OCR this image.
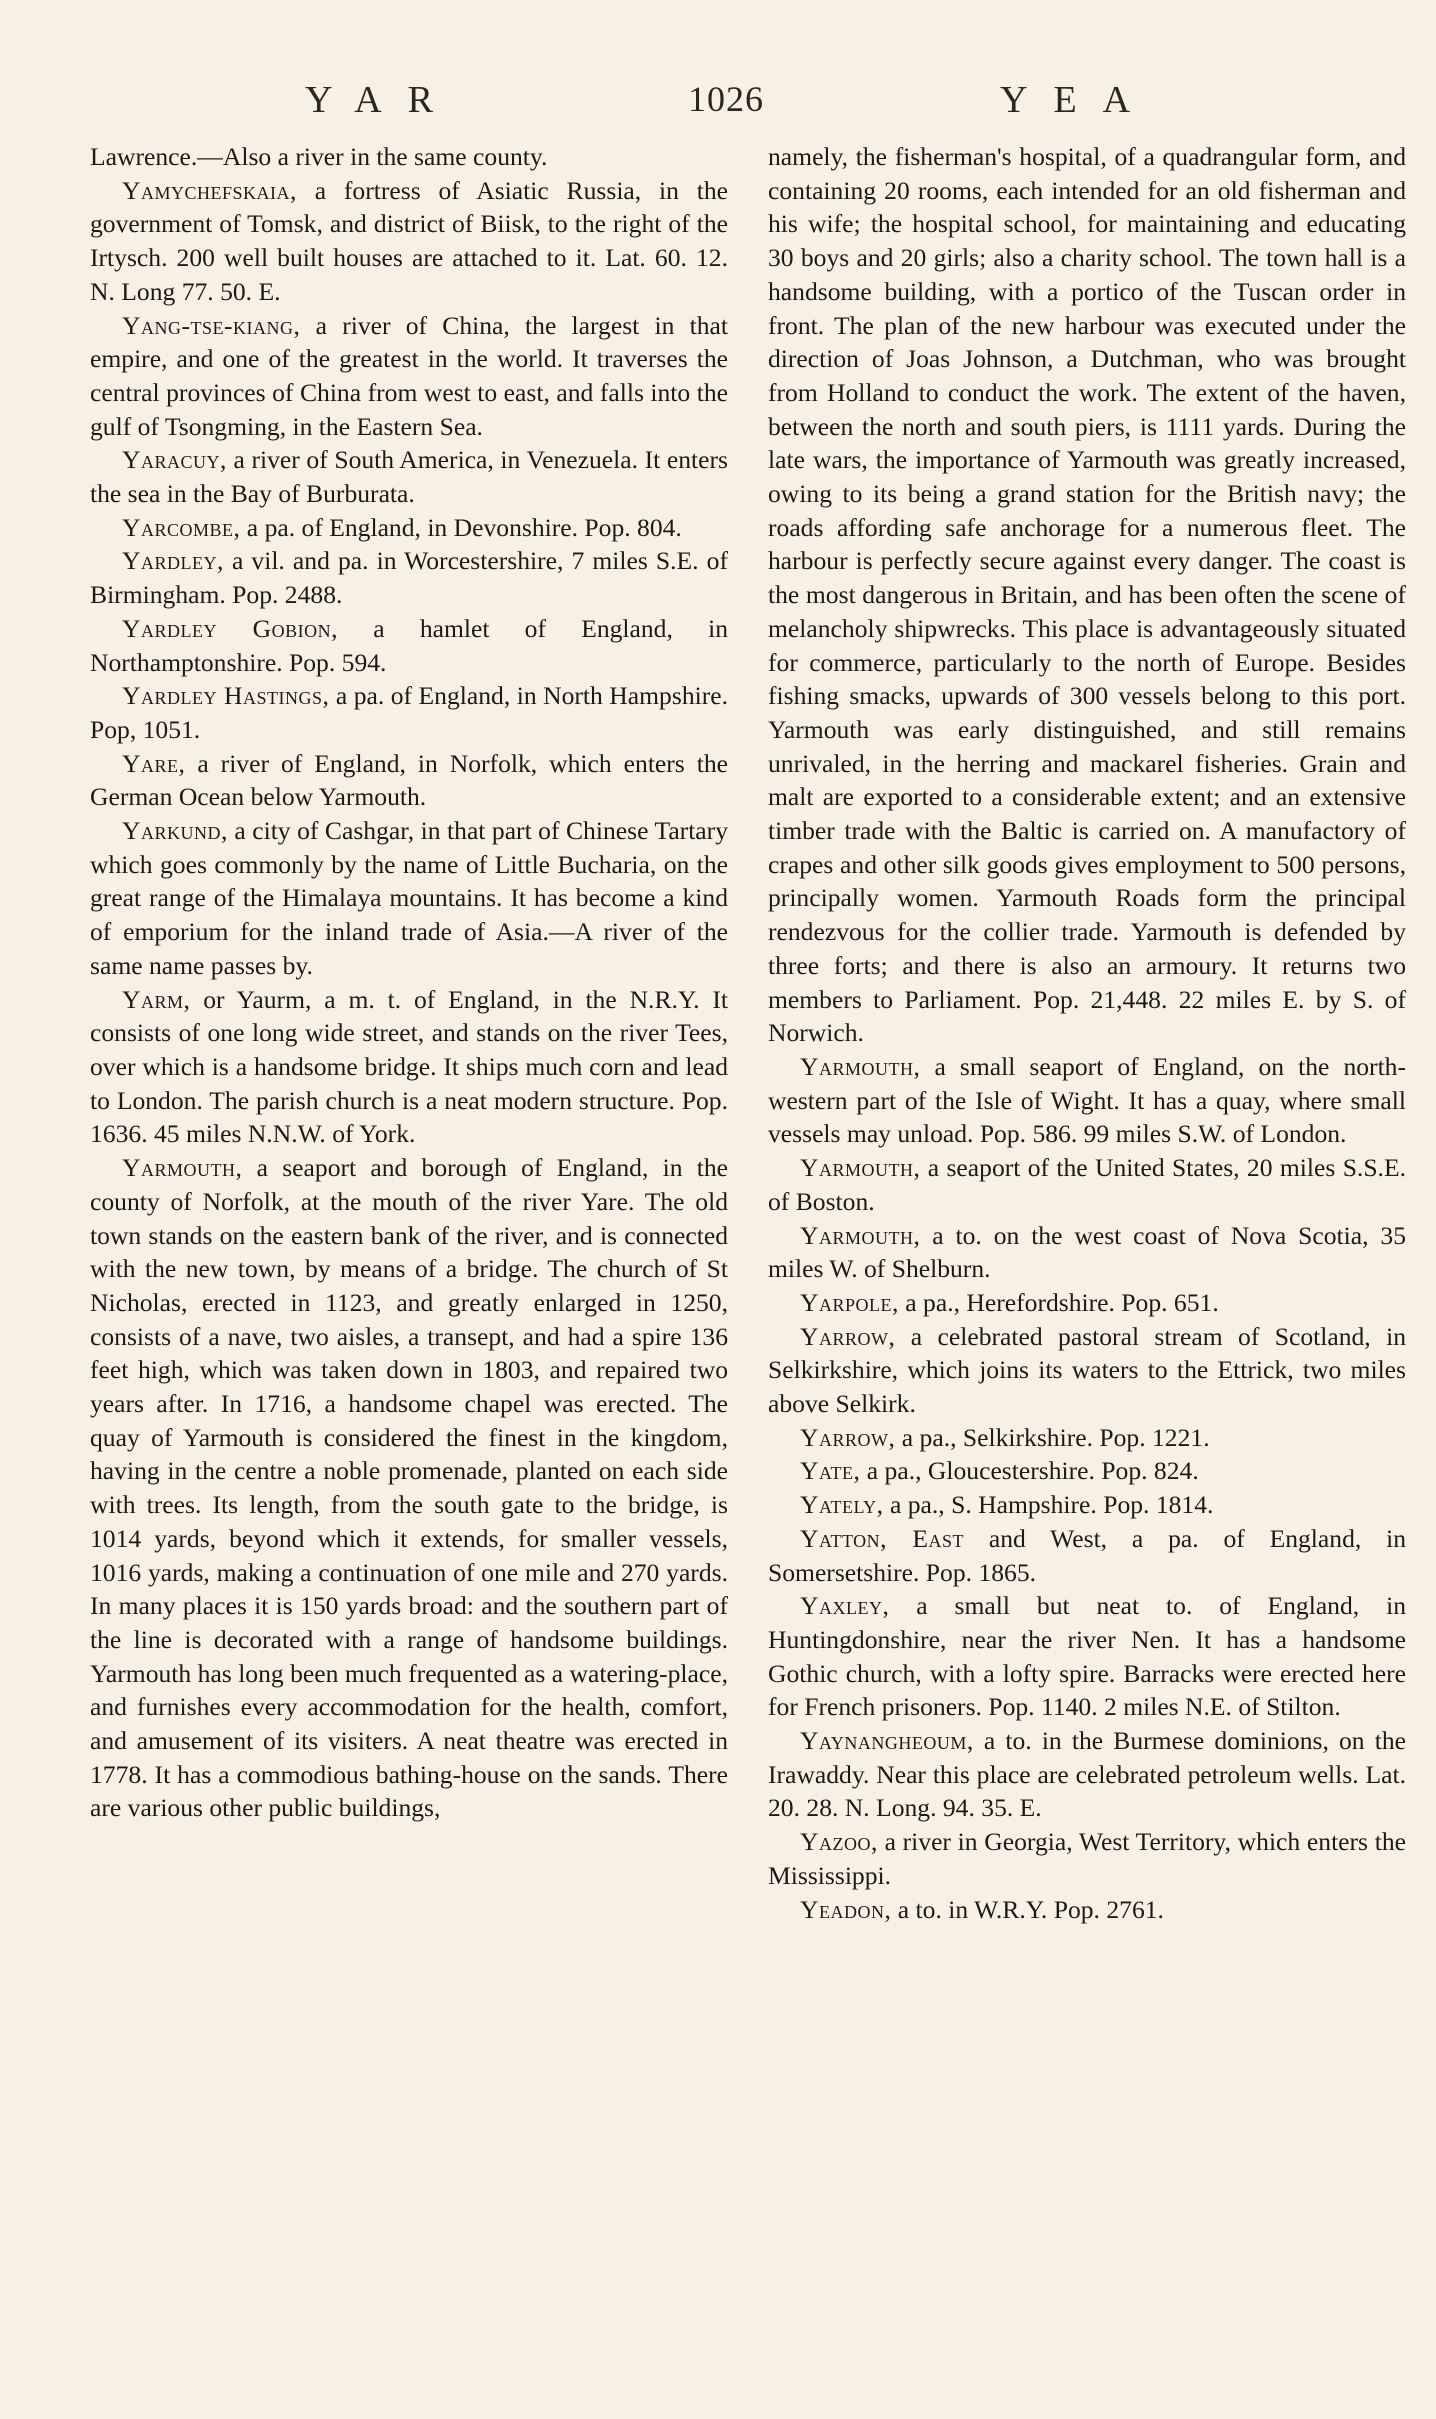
YAR	1026	YEA

Lawrence.—Also a river in the same county.

Yamychefskaia, a fortress of Asiatic Russia, in the government of Tomsk, and district of Biisk, to the right of the Irtysch. 200 well built houses are attached to it. Lat. 60. 12. N. Long 77. 50. E.

Yang-tse-kiang, a river of China, the largest in that empire, and one of the greatest in the world. It traverses the central provinces of China from west to east, and falls into the gulf of Tsongming, in the Eastern Sea.

Yaracuy, a river of South America, in Venezuela. It enters the sea in the Bay of Burburata.

Yarcombe, a pa. of England, in Devonshire. Pop. 804.

Yardley, a vil. and pa. in Worcestershire, 7 miles S.E. of Birmingham. Pop. 2488.

Yardley Gobion, a hamlet of England, in Northamptonshire. Pop. 594.

Yardley Hastings, a pa. of England, in North Hampshire. Pop, 1051.

Yare, a river of England, in Norfolk, which enters the German Ocean below Yarmouth.

Yarkund, a city of Cashgar, in that part of Chinese Tartary which goes commonly by the name of Little Bucharia, on the great range of the Himalaya mountains. It has become a kind of emporium for the inland trade of Asia.—A river of the same name passes by.

Yarm, or Yaurm, a m. t. of England, in the N.R.Y. It consists of one long wide street, and stands on the river Tees, over which is a handsome bridge. It ships much corn and lead to London. The parish church is a neat modern structure. Pop. 1636. 45 miles N.N.W. of York.

Yarmouth, a seaport and borough of England, in the county of Norfolk, at the mouth of the river Yare. The old town stands on the eastern bank of the river, and is connected with the new town, by means of a bridge. The church of St Nicholas, erected in 1123, and greatly enlarged in 1250, consists of a nave, two aisles, a transept, and had a spire 136 feet high, which was taken down in 1803, and repaired two years after. In 1716, a handsome chapel was erected. The quay of Yarmouth is considered the finest in the kingdom, having in the centre a noble promenade, planted on each side with trees. Its length, from the south gate to the bridge, is 1014 yards, beyond which it extends, for smaller vessels, 1016 yards, making a continuation of one mile and 270 yards. In many places it is 150 yards broad: and the southern part of the line is decorated with a range of handsome buildings. Yarmouth has long been much frequented as a watering-place, and furnishes every accommodation for the health, comfort, and amusement of its visiters. A neat theatre was erected in 1778. It has a commodious bathing-house on the sands. There are various other public buildings,

namely, the fisherman's hospital, of a quadrangular form, and containing 20 rooms, each intended for an old fisherman and his wife; the hospital school, for maintaining and educating 30 boys and 20 girls; also a charity school. The town hall is a handsome building, with a portico of the Tuscan order in front. The plan of the new harbour was executed under the direction of Joas Johnson, a Dutchman, who was brought from Holland to conduct the work. The extent of the haven, between the north and south piers, is 1111 yards. During the late wars, the importance of Yarmouth was greatly increased, owing to its being a grand station for the British navy; the roads affording safe anchorage for a numerous fleet. The harbour is perfectly secure against every danger. The coast is the most dangerous in Britain, and has been often the scene of melancholy shipwrecks. This place is advantageously situated for commerce, particularly to the north of Europe. Besides fishing smacks, upwards of 300 vessels belong to this port. Yarmouth was early distinguished, and still remains unrivaled, in the herring and mackarel fisheries. Grain and malt are exported to a considerable extent; and an extensive timber trade with the Baltic is carried on. A manufactory of crapes and other silk goods gives employment to 500 persons, principally women. Yarmouth Roads form the principal rendezvous for the collier trade. Yarmouth is defended by three forts; and there is also an armoury. It returns two members to Parliament. Pop. 21,448. 22 miles E. by S. of Norwich.

Yarmouth, a small seaport of England, on the north-western part of the Isle of Wight. It has a quay, where small vessels may unload. Pop. 586. 99 miles S.W. of London.

Yarmouth, a seaport of the United States, 20 miles S.S.E. of Boston.

Yarmouth, a to. on the west coast of Nova Scotia, 35 miles W. of Shelburn.

Yarpole, a pa., Herefordshire. Pop. 651.

Yarrow, a celebrated pastoral stream of Scotland, in Selkirkshire, which joins its waters to the Ettrick, two miles above Selkirk.

Yarrow, a pa., Selkirkshire. Pop. 1221.

Yate, a pa., Gloucestershire. Pop. 824.

Yately, a pa., S. Hampshire. Pop. 1814.

Yatton, East and West, a pa. of England, in Somersetshire. Pop. 1865.

Yaxley, a small but neat to. of England, in Huntingdonshire, near the river Nen. It has a handsome Gothic church, with a lofty spire. Barracks were erected here for French prisoners. Pop. 1140. 2 miles N.E. of Stilton.

Yaynangheoum, a to. in the Burmese dominions, on the Irawaddy. Near this place are celebrated petroleum wells. Lat. 20. 28. N. Long. 94. 35. E.

Yazoo, a river in Georgia, West Territory, which enters the Mississippi.

Yeadon, a to. in W.R.Y. Pop. 2761.
